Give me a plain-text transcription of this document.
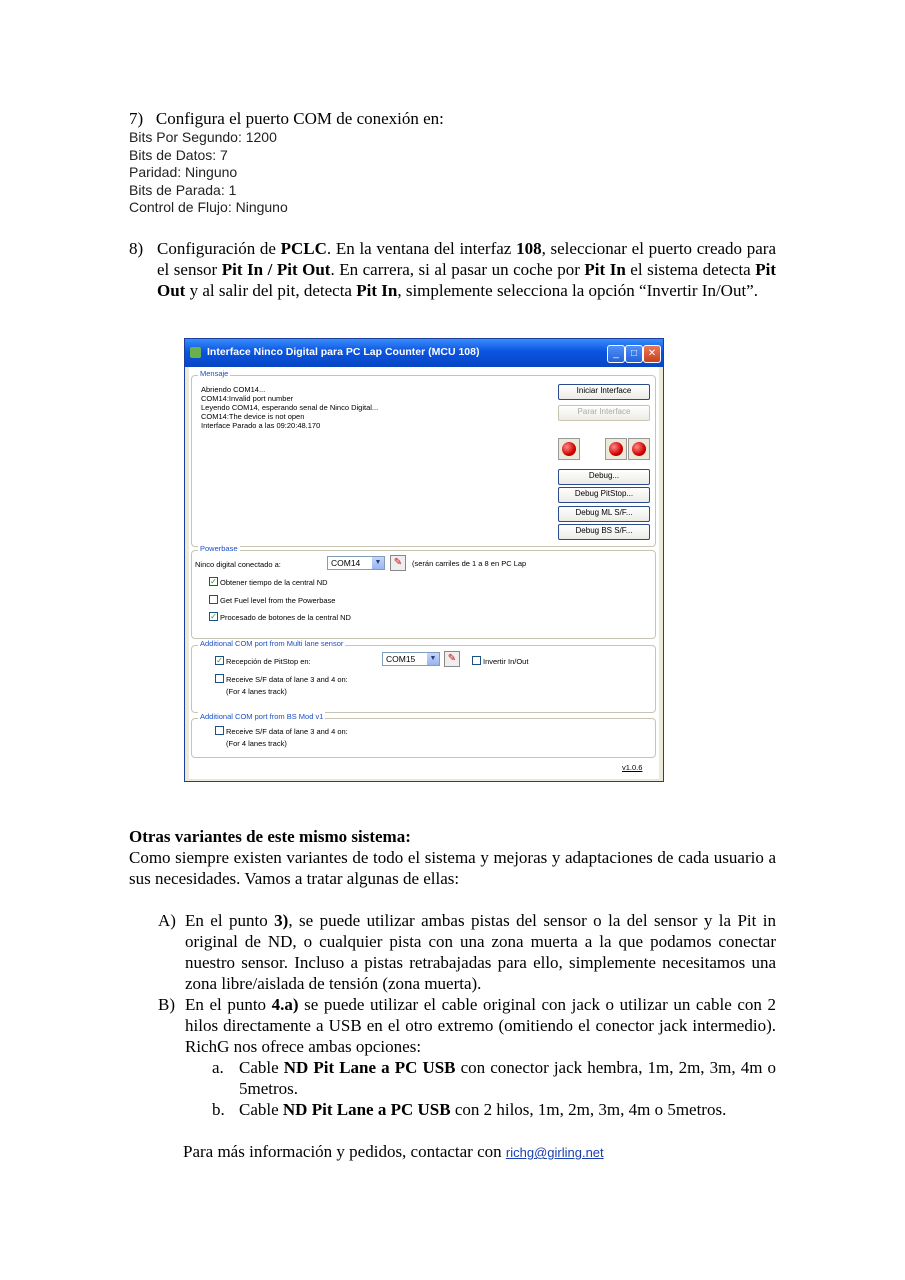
7)   Configura el puerto COM de conexión en:
Bits Por Segundo: 1200
Bits de Datos: 7
Paridad: Ninguno
Bits de Parada: 1
Control de Flujo: Ninguno
8) Configuración de PCLC. En la ventana del interfaz 108, seleccionar el puerto creado para el sensor Pit In / Pit Out. En carrera, si al pasar un coche por Pit In el sistema detecta Pit Out y al salir del pit, detecta Pit In, simplemente selecciona la opción “Invertir In/Out”.
Interface Ninco Digital para PC Lap Counter (MCU 108)	_	□	✕
Mensaje
Abriendo COM14...
COM14:Invalid port number
Leyendo COM14, esperando senal de Ninco Digital...
COM14:The device is not open
Interface Parado a las 09:20:48.170
Iniciar Interface
Parar Interface
Debug...
Debug PitStop...
Debug ML S/F...
Debug BS S/F...
Powerbase
Ninco digital conectado a:	COM14	▼	✎	(serán carriles de 1 a 8 en PC Lap
✓ Obtener tiempo de la central ND
Get Fuel level from the Powerbase
✓ Procesado de botones de la central ND
Additional COM port from Multi lane sensor
✓ Recepción de PitStop en:	COM15	▼	✎	Invertir In/Out
Receive S/F data of lane 3 and 4 on:
(For 4 lanes track)
Additional COM port from BS Mod v1
Receive S/F data of lane 3 and 4 on:
(For 4 lanes track)
v1.0.6
Otras variantes de este mismo sistema:
Como siempre existen variantes de todo el sistema y mejoras y adaptaciones de cada usuario a sus necesidades. Vamos a tratar algunas de ellas:
A) En el punto 3), se puede utilizar ambas pistas del sensor o la del sensor y la Pit in original de ND, o cualquier pista con una zona muerta a la que podamos conectar nuestro sensor. Incluso a pistas retrabajadas para ello, simplemente necesitamos una zona libre/aislada de tensión (zona muerta).
B) En el punto 4.a) se puede utilizar el cable original con jack o utilizar un cable con 2 hilos directamente a USB en el otro extremo (omitiendo el conector jack intermedio). RichG nos ofrece ambas opciones:
a. Cable ND Pit Lane a PC USB con conector jack hembra, 1m, 2m, 3m, 4m o 5metros.
b. Cable ND Pit Lane a PC USB con 2 hilos, 1m, 2m, 3m, 4m o 5metros.
Para más información y pedidos, contactar con richg@girling.net
